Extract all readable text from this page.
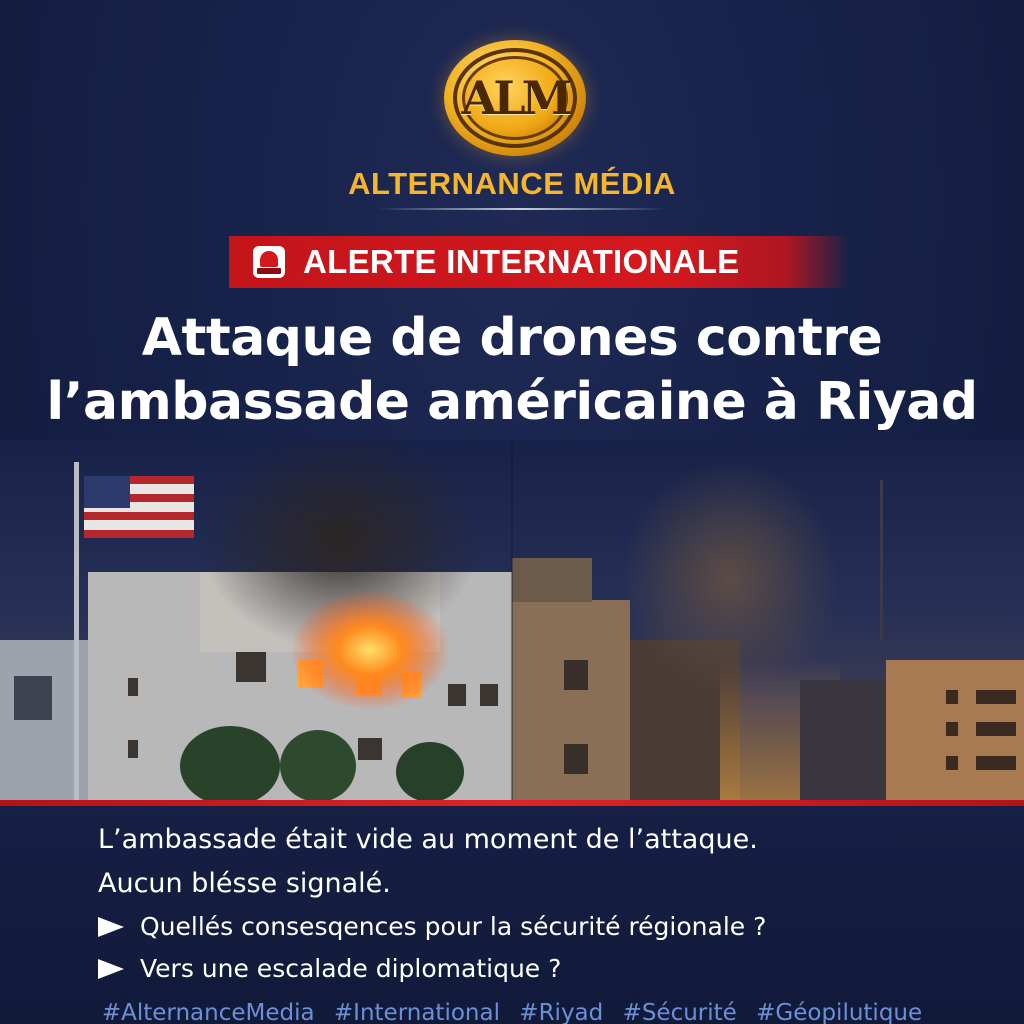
ALM
ALTERNANCE MÉDIA
ALERTE INTERNATIONALE
Attaque de drones contre
l’ambassade américaine à Riyad
L’ambassade était vide au moment de l’attaque.
Aucun blésse signalé.
Quellés consesqences pour la sécurité régionale ?
Vers une escalade diplomatique ?
#AlternanceMedia #International #Riyad #Sécurité #Géopilutique
